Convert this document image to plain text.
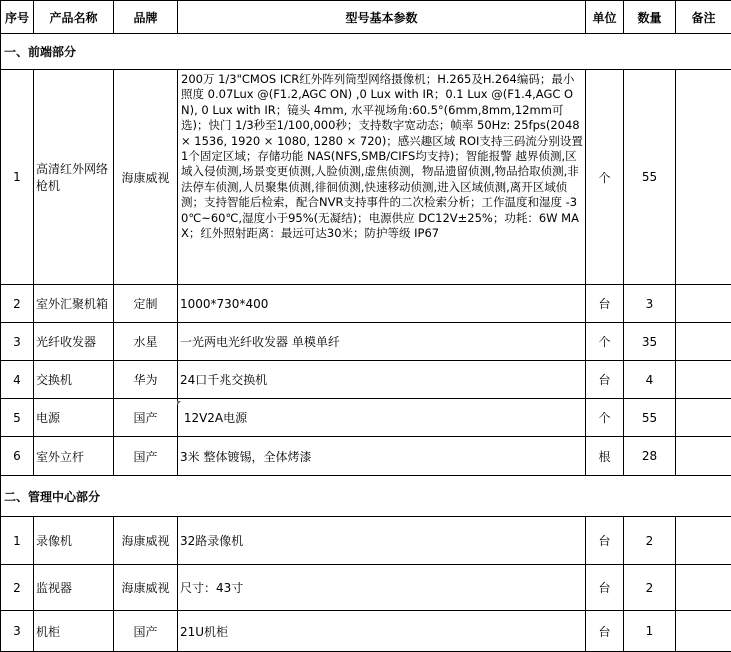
序号	产品名称	品牌	型号基本参数	单位	数量	备注
一、前端部分						
1	高清红外网络枪机	海康威视	200万 1/3"CMOS ICR红外阵列筒型网络摄像机；H.265及H.264编码；最小照度 0.07Lux @(F1.2,AGC ON) ,0 Lux with IR；0.1 Lux @(F1.4,AGC ON), 0 Lux with IR；镜头 4mm, 水平视场角:60.5°(6mm,8mm,12mm可选)；快门 1/3秒至1/100,000秒；支持数字宽动态；帧率 50Hz: 25fps(2048 × 1536, 1920 × 1080, 1280 × 720)；感兴趣区域 ROI支持三码流分别设置1个固定区域；存储功能 NAS(NFS,SMB/CIFS均支持)；智能报警 越界侦测,区域入侵侦测,场景变更侦测,人脸侦测,虚焦侦测，物品遗留侦测,物品拾取侦测,非法停车侦测,人员聚集侦测,徘徊侦测,快速移动侦测,进入区域侦测,离开区域侦测；支持智能后检索，配合NVR支持事件的二次检索分析；工作温度和湿度 -30℃~60℃,湿度小于95%(无凝结)；电源供应 DC12V±25%；功耗：6W MAX；红外照射距离：最远可达30米；防护等级 IP67	个	55	
2	室外汇聚机箱	定制	1000*730*400	台	3	
3	光纤收发器	水星	一光两电光纤收发器 单模单纤	个	35	
4	交换机	华为	24口千兆交换机	台	4	
5	电源	国产	12V2A电源	个	55	
6	室外立杆	国产	3米 整体镀锡，全体烤漆	根	28	
二、管理中心部分						
1	录像机	海康威视	32路录像机	台	2	
2	监视器	海康威视	尺寸：43寸	台	2	
3	机柜	国产	21U机柜	台	1	
